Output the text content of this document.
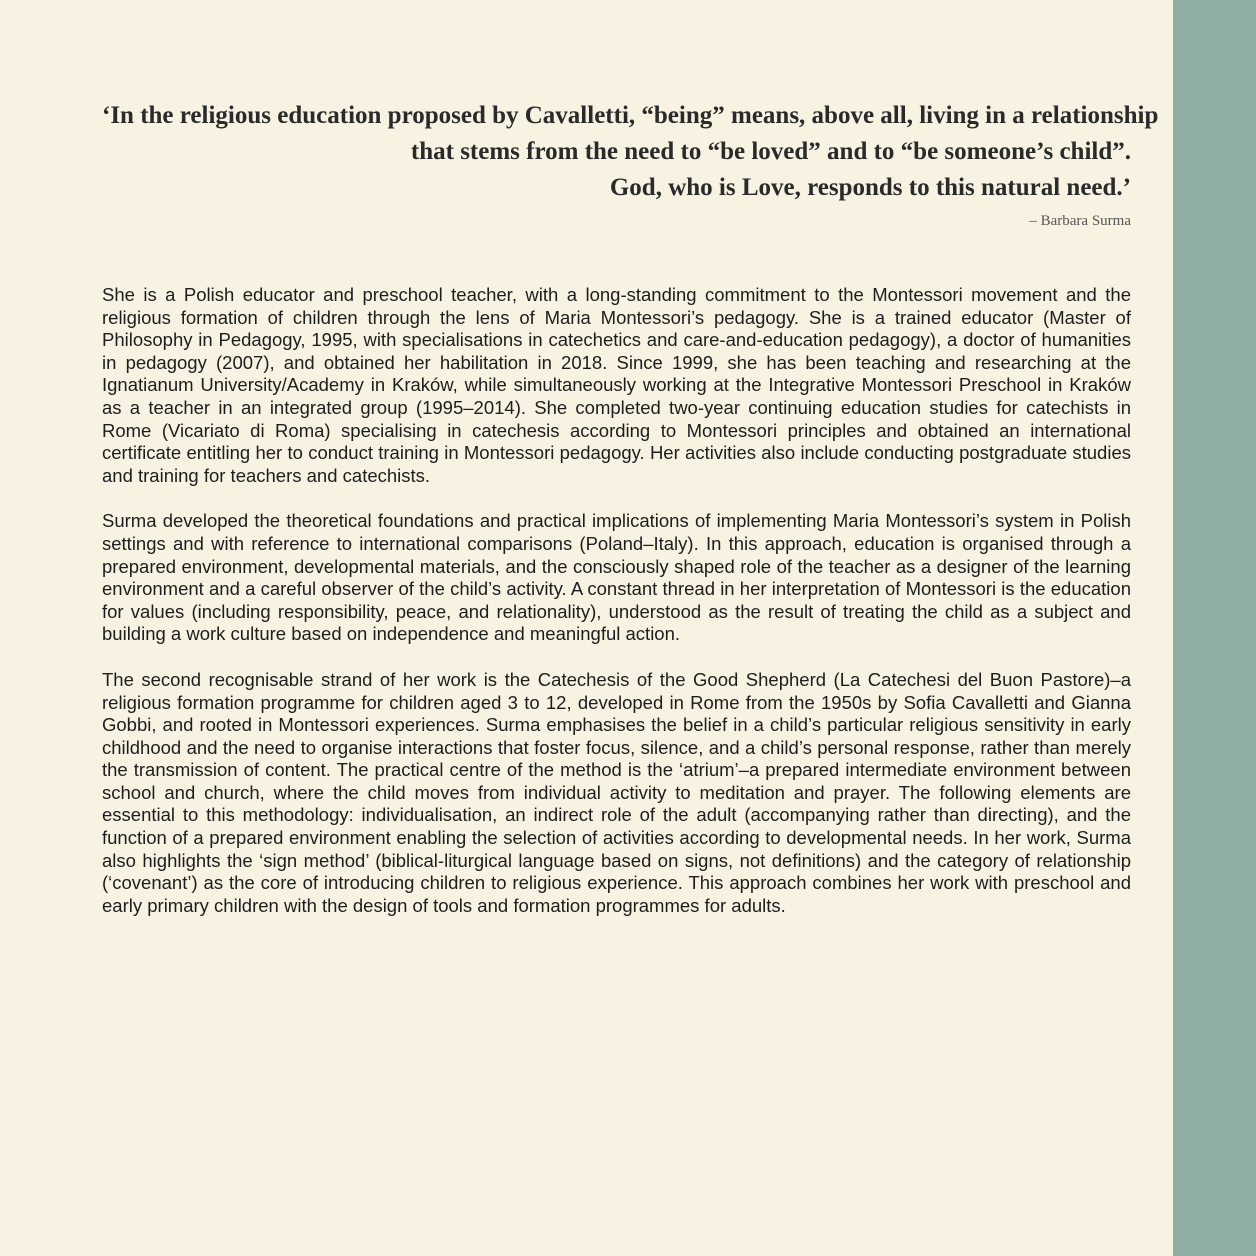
‘In the religious education proposed by Cavalletti, “being” means, above all, living in a relationship
that stems from the need to “be loved” and to “be someone’s child”.
God, who is Love, responds to this natural need.’
– Barbara Surma

She is a Polish educator and preschool teacher, with a long-standing commitment to the Montessori movement and the religious formation of children through the lens of Maria Montessori’s pedagogy. She is a trained educator (Master of Philosophy in Pedagogy, 1995, with specialisations in catechetics and care-and-education pedagogy), a doctor of humanities in pedagogy (2007), and obtained her habilitation in 2018. Since 1999, she has been teaching and researching at the Ignatianum University/Academy in Kraków, while simultaneously working at the Integrative Montessori Preschool in Kraków as a teacher in an integrated group (1995–2014). She completed two-year continuing education studies for catechists in Rome (Vicariato di Roma) specialising in catechesis according to Montessori principles and obtained an international certificate entitling her to conduct training in Montessori pedagogy. Her activities also include conducting postgraduate studies and training for teachers and catechists.

Surma developed the theoretical foundations and practical implications of implementing Maria Montessori’s system in Polish settings and with reference to international comparisons (Poland–Italy). In this approach, education is organised through a prepared environment, developmental materials, and the consciously shaped role of the teacher as a designer of the learning environment and a careful observer of the child’s activity. A constant thread in her interpretation of Montessori is the education for values (including responsibility, peace, and relationality), understood as the result of treating the child as a subject and building a work culture based on independence and meaningful action.

The second recognisable strand of her work is the Catechesis of the Good Shepherd (La Catechesi del Buon Pastore)–a religious formation programme for children aged 3 to 12, developed in Rome from the 1950s by Sofia Cavalletti and Gianna Gobbi, and rooted in Montessori experiences. Surma emphasises the belief in a child’s particular religious sensitivity in early childhood and the need to organise interactions that foster focus, silence, and a child’s personal response, rather than merely the transmission of content. The practical centre of the method is the ‘atrium’–a prepared intermediate environment between school and church, where the child moves from individual activity to meditation and prayer. The following elements are essential to this methodology: individualisation, an indirect role of the adult (accompanying rather than directing), and the function of a prepared environment enabling the selection of activities according to developmental needs. In her work, Surma also highlights the ‘sign method’ (biblical-liturgical language based on signs, not definitions) and the category of relationship (‘covenant’) as the core of introducing children to religious experience. This approach combines her work with preschool and early primary children with the design of tools and formation programmes for adults.
